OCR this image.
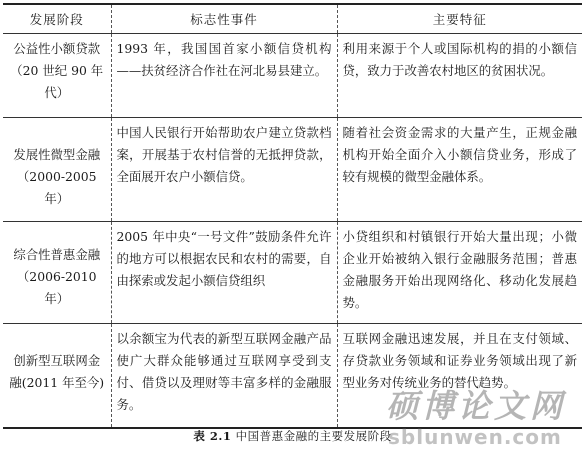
发展阶段	标志性事件	主要特征
公益性小额贷款
（20 世纪 90 年
代）	1993 年，我国国首家小额信贷机构——扶贫经济合作社在河北易县建立。	利用来源于个人或国际机构的捐的小额信贷，致力于改善农村地区的贫困状况。
发展性微型金融
（2000-2005 年）	中国人民银行开始帮助农户建立贷款档案，开展基于农村信誉的无抵押贷款，全面展开农户小额信贷。	随着社会资金需求的大量产生，正规金融机构开始全面介入小额信贷业务，形成了较有规模的微型金融体系。
综合性普惠金融
（2006-2010 年）	2005 年中央“一号文件”鼓励条件允许的地方可以根据农民和农村的需要，自由探索或发起小额信贷组织	小贷组织和村镇银行开始大量出现；小微企业开始被纳入银行金融服务范围；普惠金融服务开始出现网络化、移动化发展趋势。
创新型互联网金
融(2011 年至今)	以余额宝为代表的新型互联网金融产品使广大群众能够通过互联网享受到支付、借贷以及理财等丰富多样的金融服务。	互联网金融迅速发展，并且在支付领域、存贷款业务领域和证券业务领域出现了新型业务对传统业务的替代趋势。
表 2.1 中国普惠金融的主要发展阶段
硕博论文网
sblunwen.com
